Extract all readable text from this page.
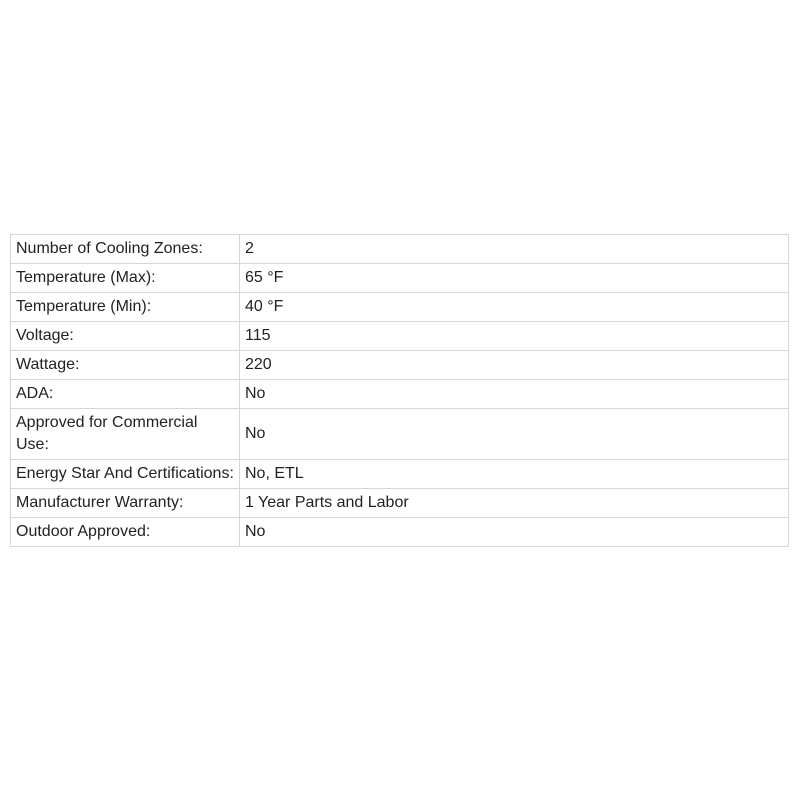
Number of Cooling Zones:	2
Temperature (Max):	65 °F
Temperature (Min):	40 °F
Voltage:	115
Wattage:	220
ADA:	No
Approved for Commercial Use:	No
Energy Star And Certifications:	No, ETL
Manufacturer Warranty:	1 Year Parts and Labor
Outdoor Approved:	No
